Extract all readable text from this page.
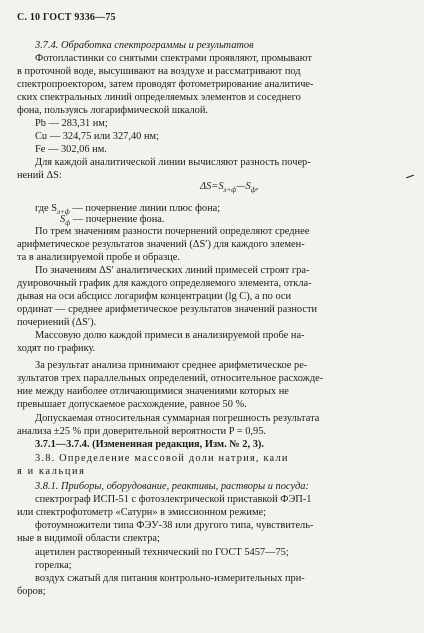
С. 10 ГОСТ 9336—75
3.7.4. Обработка спектрограммы и результатов
Фотопластинки со снятыми спектрами проявляют, промывают
в проточной воде, высушивают на воздухе и рассматривают под
спектропроектором, затем проводят фотометрирование аналитиче-
ских спектральных линий определяемых элементов и соседнего
фона, пользуясь логарифмической шкалой.
Pb — 283,31 нм;
Cu — 324,75 или 327,40 нм;
Fe — 302,06 нм.
Для каждой аналитической линии вычисляют разность почер-
нений ΔS:
$\Delta S=S_{л+ф}—S_ф$,
где $S_{л+ф}$ — почернение линии плюс фона;
$S_ф$ — почернение фона.
По трем значениям разности почернений определяют среднее
арифметическое результатов значений (ΔS′) для каждого элемен-
та в анализируемой пробе и образце.
По значениям ΔS′ аналитических линий примесей строят гра-
дуировочный график для каждого определяемого элемента, откла-
дывая на оси абсцисс логарифм концентрации (lg C), а по оси
ординат — среднее арифметическое результатов значений разности
почернений (ΔS′).
Массовую долю каждой примеси в анализируемой пробе на-
ходят по графику.
За результат анализа принимают среднее арифметическое ре-
зультатов трех параллельных определений, относительное расхожде-
ние между наиболее отличающимися значениями которых не
превышает допускаемое расхождение, равное 50 %.
Допускаемая относительная суммарная погрешность результата
анализа ±25 % при доверительной вероятности P = 0,95.
3.7.1—3.7.4. (Измененная редакция, Изм. № 2, 3).
3.8. Определение массовой доли натрия, кали
я и кальция
3.8.1. Приборы, оборудование, реактивы, растворы и посуда:
спектрограф ИСП-51 с фотоэлектрической приставкой ФЭП-1
или спектрофотометр «Сатурн» в эмиссионном режиме;
фотоумножители типа ФЭУ-38 или другого типа, чувствитель-
ные в видимой области спектра;
ацетилен растворенный технический по ГОСТ 5457—75;
горелка;
воздух сжатый для питания контрольно-измерительных при-
боров;
